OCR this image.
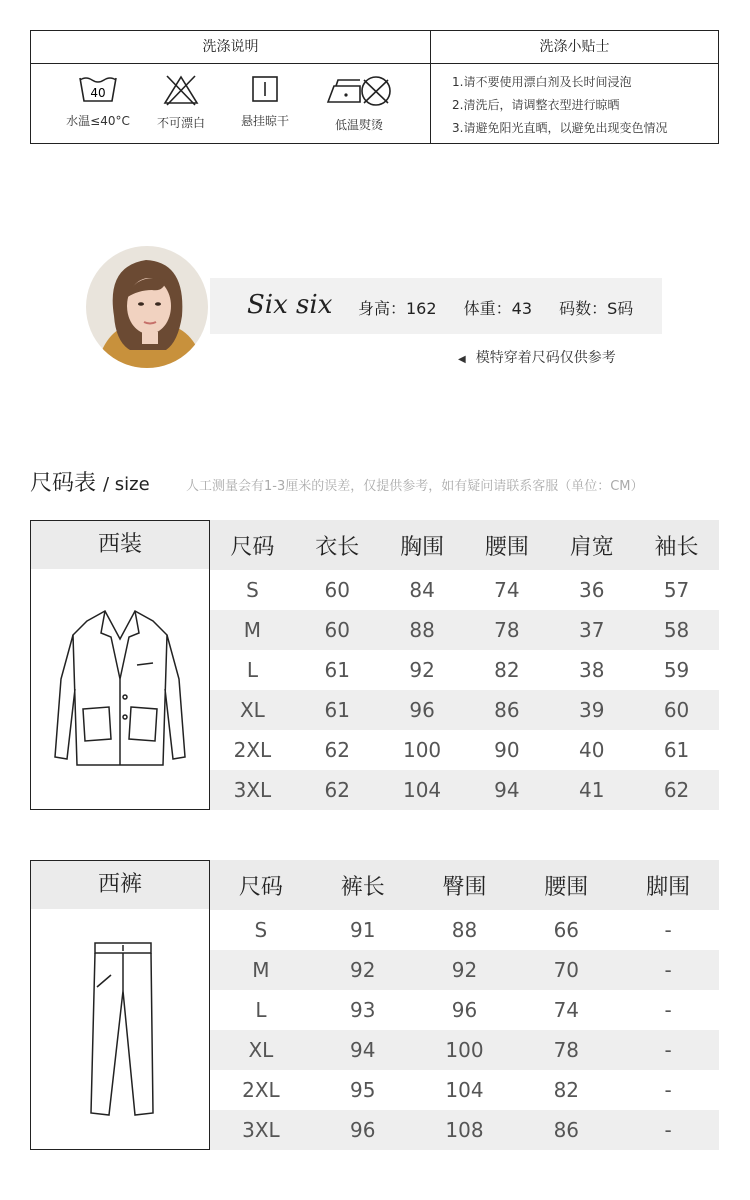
洗涤说明	洗涤小贴士
40
水温≤40°C	不可漂白	悬挂晾干	低温熨烫
1.请不要使用漂白剂及长时间浸泡
2.清洗后，请调整衣型进行晾晒
3.请避免阳光直晒，以避免出现变色情况
Six six 身高：162 体重：43 码数：S码
◀ 模特穿着尺码仅供参考
尺码表 / size	人工测量会有1-3厘米的误差，仅提供参考，如有疑问请联系客服（单位：CM）
西装	尺码	衣长	胸围	腰围	肩宽	袖长
S	60	84	74	36	57
M	60	88	78	37	58
L	61	92	82	38	59
XL	61	96	86	39	60
2XL	62	100	90	40	61
3XL	62	104	94	41	62
西裤	尺码	裤长	臀围	腰围	脚围
S	91	88	66	-
M	92	92	70	-
L	93	96	74	-
XL	94	100	78	-
2XL	95	104	82	-
3XL	96	108	86	-
